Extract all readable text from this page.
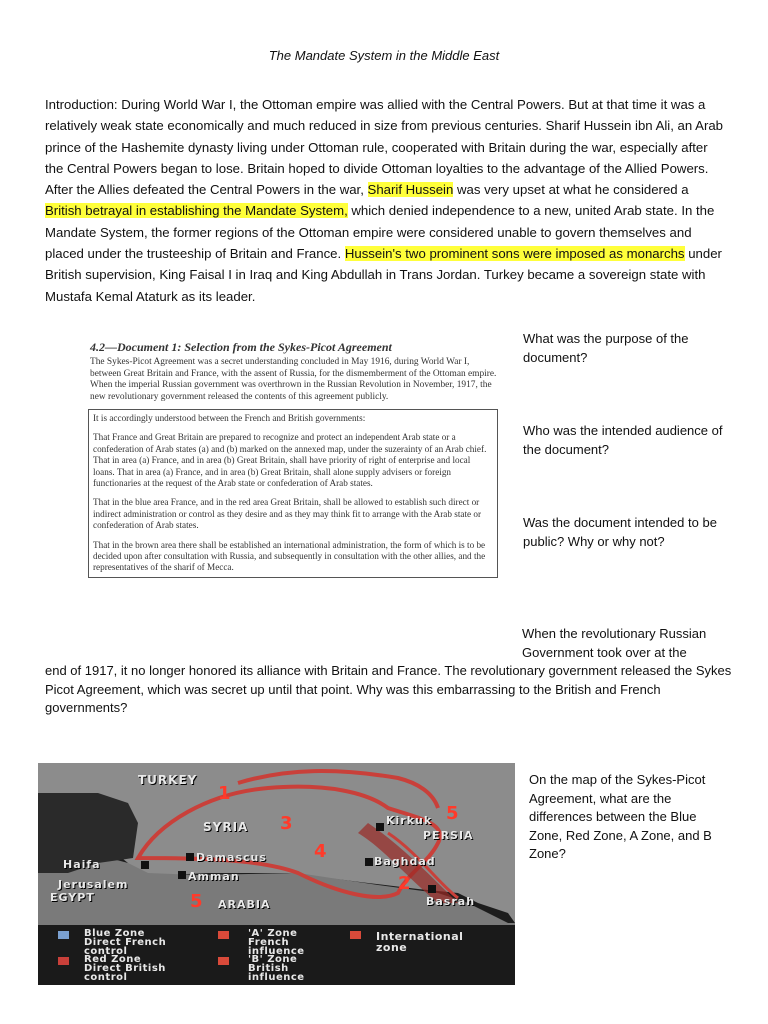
The Mandate System in the Middle East
Introduction: During World War I, the Ottoman empire was allied with the Central Powers. But at that time it was a relatively weak state economically and much reduced in size from previous centuries. Sharif Hussein ibn Ali, an Arab prince of the Hashemite dynasty living under Ottoman rule, cooperated with Britain during the war, especially after the Central Powers began to lose. Britain hoped to divide Ottoman loyalties to the advantage of the Allied Powers. After the Allies defeated the Central Powers in the war, Sharif Hussein was very upset at what he considered a British betrayal in establishing the Mandate System, which denied independence to a new, united Arab state. In the Mandate System, the former regions of the Ottoman empire were considered unable to govern themselves and placed under the trusteeship of Britain and France. Hussein's two prominent sons were imposed as monarchs under British supervision, King Faisal I in Iraq and King Abdullah in Trans Jordan. Turkey became a sovereign state with Mustafa Kemal Ataturk as its leader.
4.2—Document 1: Selection from the Sykes-Picot Agreement
The Sykes-Picot Agreement was a secret understanding concluded in May 1916, during World War I, between Great Britain and France, with the assent of Russia, for the dismemberment of the Ottoman empire. When the imperial Russian government was overthrown in the Russian Revolution in November, 1917, the new revolutionary government released the contents of this agreement publicly.

It is accordingly understood between the French and British governments:

That France and Great Britain are prepared to recognize and protect an independent Arab state or a confederation of Arab states (a) and (b) marked on the annexed map, under the suzerainty of an Arab chief. That in area (a) France, and in area (b) Great Britain, shall have priority of right of enterprise and local loans. That in area (a) France, and in area (b) Great Britain, shall alone supply advisers or foreign functionaries at the request of the Arab state or confederation of Arab states.

That in the blue area France, and in the red area Great Britain, shall be allowed to establish such direct or indirect administration or control as they desire and as they may think fit to arrange with the Arab state or confederation of Arab states.

That in the brown area there shall be established an international administration, the form of which is to be decided upon after consultation with Russia, and subsequently in consultation with the other allies, and the representatives of the sharif of Mecca.

What was the purpose of the document?
Who was the intended audience of the document?
Was the document intended to be public? Why or why not?
When the revolutionary Russian Government took over at the
end of 1917, it no longer honored its alliance with Britain and France. The revolutionary government released the Sykes Picot Agreement, which was secret up until that point. Why was this embarrassing to the British and French governments?
TURKEY
SYRIA
PERSIA
Kirkuk
Haifa
Damascus	Baghdad
Amman
Jerusalem
EGYPT
ARABIA	Basrah
1
2
3
4
5
5
Blue Zone
Direct French
control
Red Zone
Direct British
control
'A' Zone
French
influence
'B' Zone
British
influence
International
zone
On the map of the Sykes-Picot Agreement, what are the differences between the Blue Zone, Red Zone, A Zone, and B Zone?
